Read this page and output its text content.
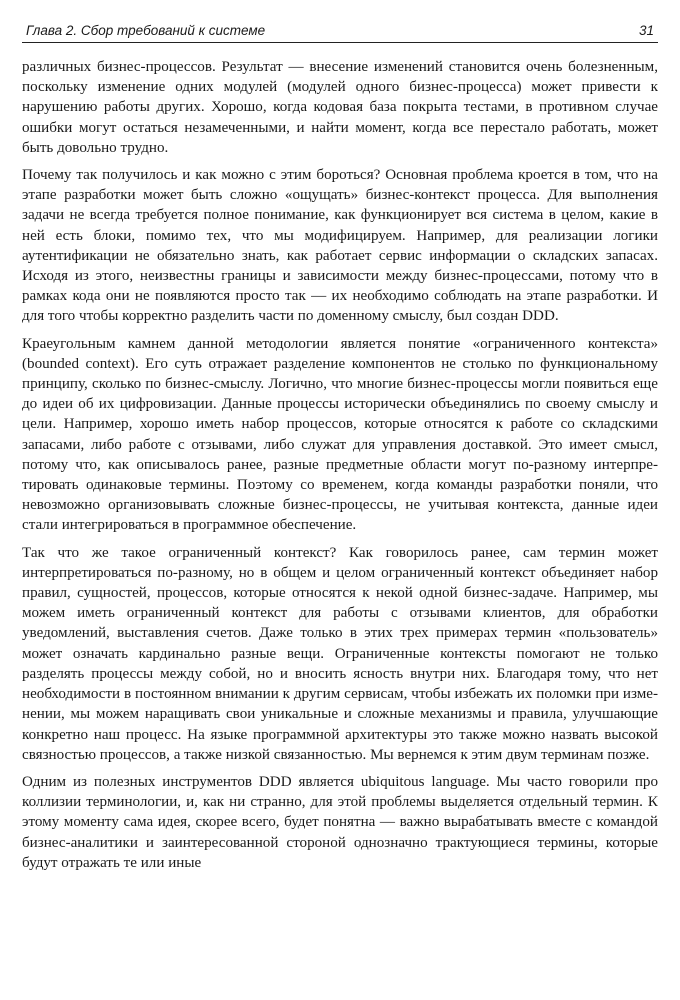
Глава 2. Сбор требований к системе	31

различных бизнес-процессов. Результат — внесение изменений становится очень болезненным, поскольку изменение одних модулей (модулей одного бизнес-процесса) может привести к нарушению работы других. Хорошо, когда кодовая база покрыта тестами, в противном случае ошибки могут остаться незамеченными, и найти момент, когда все перестало работать, может быть довольно трудно.

Почему так получилось и как можно с этим бороться? Основная проблема кроется в том, что на этапе разработки может быть сложно «ощущать» бизнес-контекст процесса. Для выполнения задачи не всегда требуется полное понимание, как функционирует вся система в целом, какие в ней есть блоки, помимо тех, что мы модифицируем. Например, для реализации логики аутентификации не обязательно знать, как работает сервис информации о складских запасах. Исходя из этого, неизвестны границы и зависимости между бизнес-процессами, потому что в рамках кода они не появляются просто так — их необходимо соблюдать на этапе разработки. И для того чтобы корректно разделить части по доменному смыслу, был создан DDD.

Краеугольным камнем данной методологии является понятие «ограниченного контекста» (bounded context). Его суть отражает разделение компонентов не столько по функциональному принципу, сколько по бизнес-смыслу. Логично, что многие бизнес-процессы могли появиться еще до идеи об их цифровизации. Данные процессы исторически объединялись по своему смыслу и цели. Например, хорошо иметь набор процессов, которые относятся к работе со складскими запасами, либо работе с отзывами, либо служат для управления доставкой. Это имеет смысл, потому что, как описывалось ранее, разные предметные области могут по-разному интерпретировать одинаковые термины. Поэтому со временем, когда команды разработки поняли, что невозможно организовывать сложные бизнес-процессы, не учитывая контекста, данные идеи стали интегрироваться в программное обеспечение.

Так что же такое ограниченный контекст? Как говорилось ранее, сам термин может интерпретироваться по-разному, но в общем и целом ограниченный контекст объединяет набор правил, сущностей, процессов, которые относятся к некой одной бизнес-задаче. Например, мы можем иметь ограниченный контекст для работы с отзывами клиентов, для обработки уведомлений, выставления счетов. Даже только в этих трех примерах термин «пользователь» может означать кардинально разные вещи. Ограниченные контексты помогают не только разделять процессы между собой, но и вносить ясность внутри них. Благодаря тому, что нет необходимости в постоянном внимании к другим сервисам, чтобы избежать их поломки при изменении, мы можем наращивать свои уникальные и сложные механизмы и правила, улучшающие конкретно наш процесс. На языке программной архитектуры это также можно назвать высокой связностью процессов, а также низкой связанностью. Мы вернемся к этим двум терминам позже.

Одним из полезных инструментов DDD является ubiquitous language. Мы часто говорили про коллизии терминологии, и, как ни странно, для этой проблемы выделяется отдельный термин. К этому моменту сама идея, скорее всего, будет понятна — важно вырабатывать вместе с командой бизнес-аналитики и заинтересованной стороной однозначно трактующиеся термины, которые будут отражать те или иные
